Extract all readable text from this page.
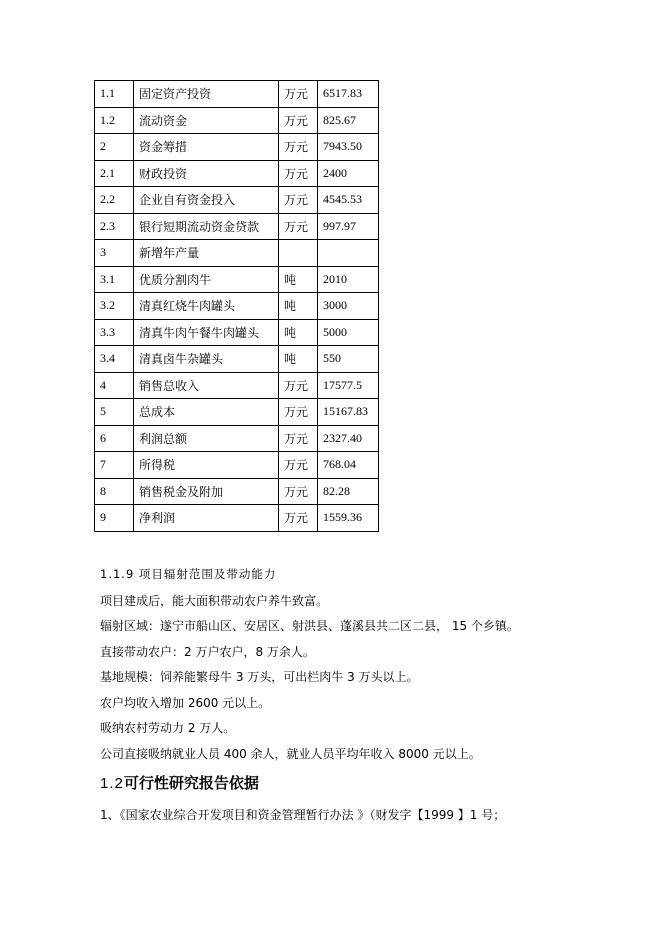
1.1	固定资产投资	万元	6517.83
1.2	流动资金	万元	825.67
2	资金筹措	万元	7943.50
2.1	财政投资	万元	2400
2.2	企业自有资金投入	万元	4545.53
2.3	银行短期流动资金贷款	万元	997.97
3	新增年产量		
3.1	优质分割肉牛	吨	2010
3.2	清真红烧牛肉罐头	吨	3000
3.3	清真牛肉午餐牛肉罐头	吨	5000
3.4	清真卤牛杂罐头	吨	550
4	销售总收入	万元	17577.5
5	总成本	万元	15167.83
6	利润总额	万元	2327.40
7	所得税	万元	768.04
8	销售税金及附加	万元	82.28
9	净利润	万元	1559.36
1.1.9 项目辐射范围及带动能力
项目建成后，能大面积带动农户养牛致富。
辐射区域：遂宁市船山区、安居区、射洪县、蓬溪县共二区二县， 15 个乡镇。
直接带动农户：2 万户农户，8 万余人。
基地规模：饲养能繁母牛 3 万头，可出栏肉牛 3 万头以上。
农户均收入增加 2600 元以上。
吸纳农村劳动力 2 万人。
公司直接吸纳就业人员 400 余人，就业人员平均年收入 8000 元以上。
1.2可行性研究报告依据
1、《国家农业综合开发项目和资金管理暂行办法 》（财发字【1999 】1 号；
